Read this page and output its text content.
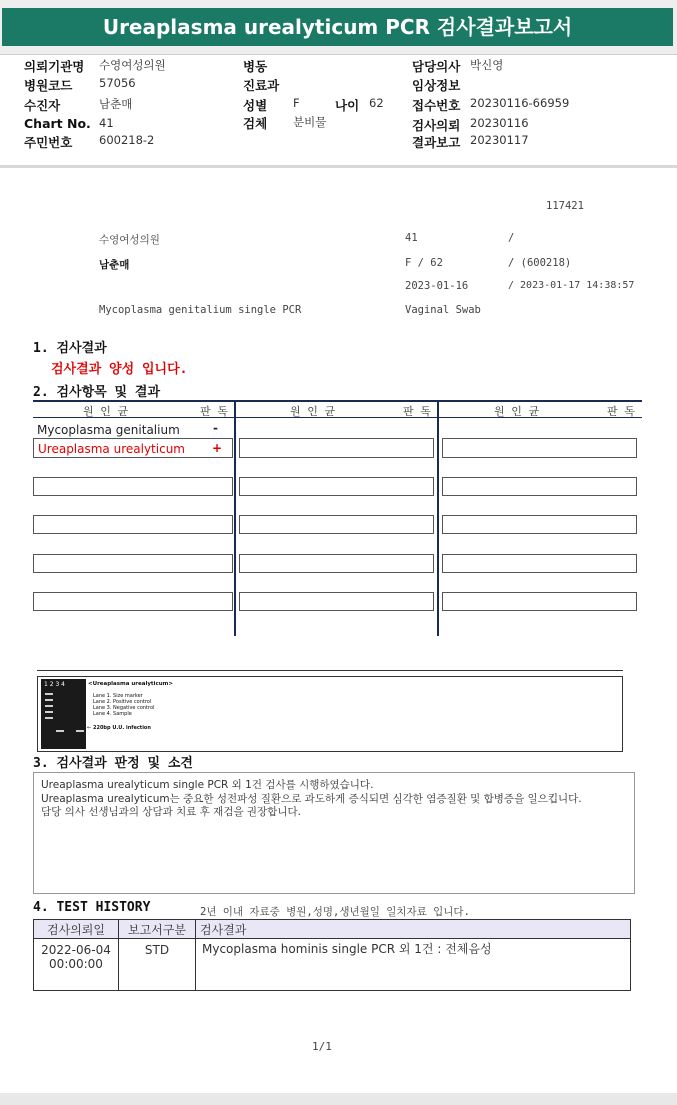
Ureaplasma urealyticum PCR 검사결과보고서
의뢰기관명 수영여성의원
병원코드 57056
수진자	남춘매
Chart No. 41
주민번호 600218-2
병동
진료과
성별 F	나이 62
검체 분비물
담당의사 박신영
임상정보
접수번호 20230116-66959
검사의뢰 20230116
결과보고 20230117
117421
수영여성의원	41	/
남춘매	F / 62	/ (600218)
2023-01-16	/ 2023-01-17 14:38:57
Mycoplasma genitalium single PCR	Vaginal Swab
1. 검사결과
검사결과 양성 입니다.
2. 검사항목 및 결과
원 인 균	판 독	원 인 균	판 독	원 인 균	판 독
Mycoplasma genitalium	-
Ureaplasma urealyticum +
1 2 3 4	<Ureaplasma urealyticum>
Lane 1. Size marker
Lane 2. Positive control
Lane 3. Negative control
Lane 4. Sample
← 220bp U.U. infection
3. 검사결과 판정 및 소견
Ureaplasma urealyticum single PCR 외 1건 검사를 시행하였습니다.
Ureaplasma urealyticum는 중요한 성전파성 질환으로 과도하게 증식되면 심각한 염증질환 및 합병증을 일으킵니다.
담당 의사 선생님과의 상담과 치료 후 재검을 권장합니다.
4. TEST HISTORY	2년 이내 자료중 병원,성명,생년월일 일치자료 입니다.
검사의뢰일	보고서구분	검사결과

2022-06-04
00:00:00	STD	Mycoplasma hominis single PCR 외 1건 : 전체음성
1/1
